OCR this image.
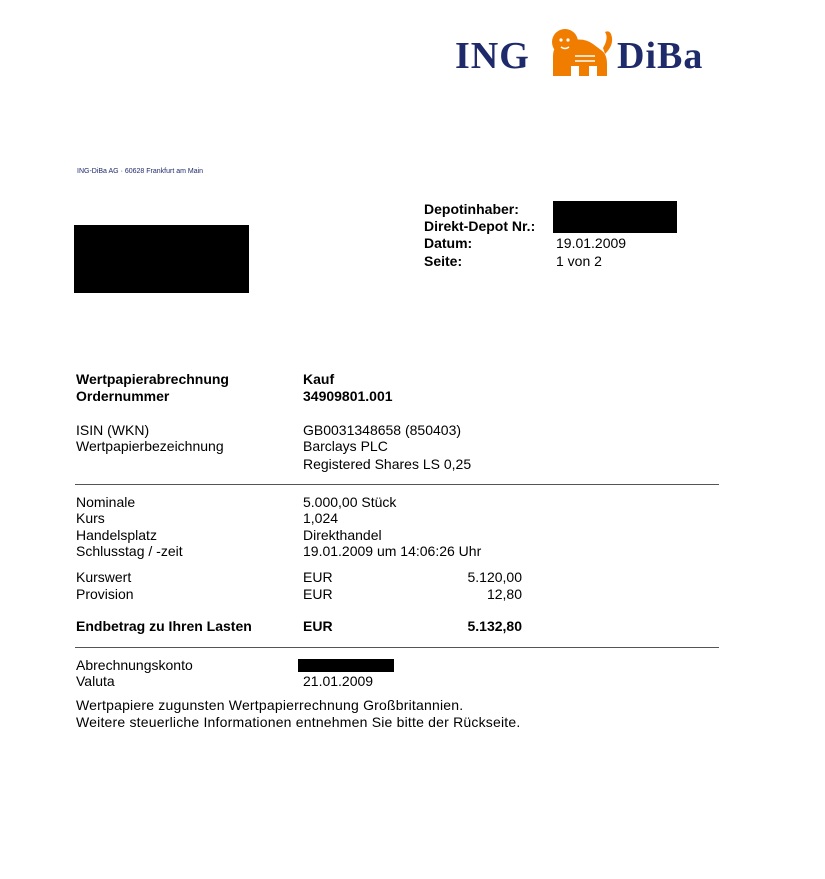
ING DiBa
ING-DiBa AG · 60628 Frankfurt am Main
Depotinhaber:
Direkt-Depot Nr.:
Datum:	19.01.2009
Seite:	1 von 2
Wertpapierabrechnung	Kauf
Ordernummer	34909801.001
ISIN (WKN)	GB0031348658 (850403)
Wertpapierbezeichnung	Barclays PLC
Registered Shares LS 0,25
Nominale	5.000,00 Stück
Kurs	1,024
Handelsplatz	Direkthandel
Schlusstag / -zeit	19.01.2009 um 14:06:26 Uhr
Kurswert	EUR	5.120,00
Provision	EUR	12,80
Endbetrag zu Ihren Lasten	EUR	5.132,80
Abrechnungskonto
Valuta	21.01.2009
Wertpapiere zugunsten Wertpapierrechnung Großbritannien.
Weitere steuerliche Informationen entnehmen Sie bitte der Rückseite.
